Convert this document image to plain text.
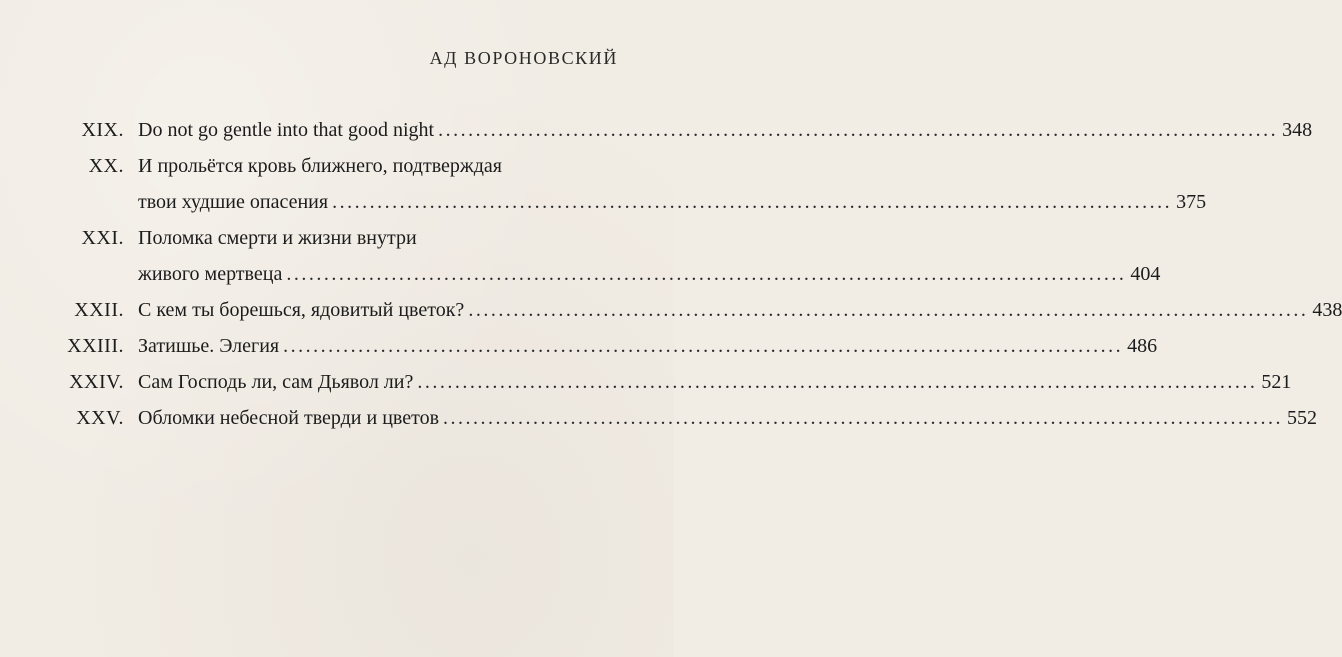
АД ВОРОНОВСКИЙ
XIX. Do not go gentle into that good night ................................................................................................................ 348
XX. И прольётся кровь ближнего, подтверждая
твои худшие опасения ................................................................................................................ 375
XXI. Поломка смерти и жизни внутри
живого мертвеца ................................................................................................................ 404
XXII. С кем ты борешься, ядовитый цветок? ................................................................................................................ 438
XXIII. Затишье. Элегия ................................................................................................................ 486
XXIV. Сам Господь ли, сам Дьявол ли? ................................................................................................................ 521
XXV. Обломки небесной тверди и цветов ................................................................................................................ 552
